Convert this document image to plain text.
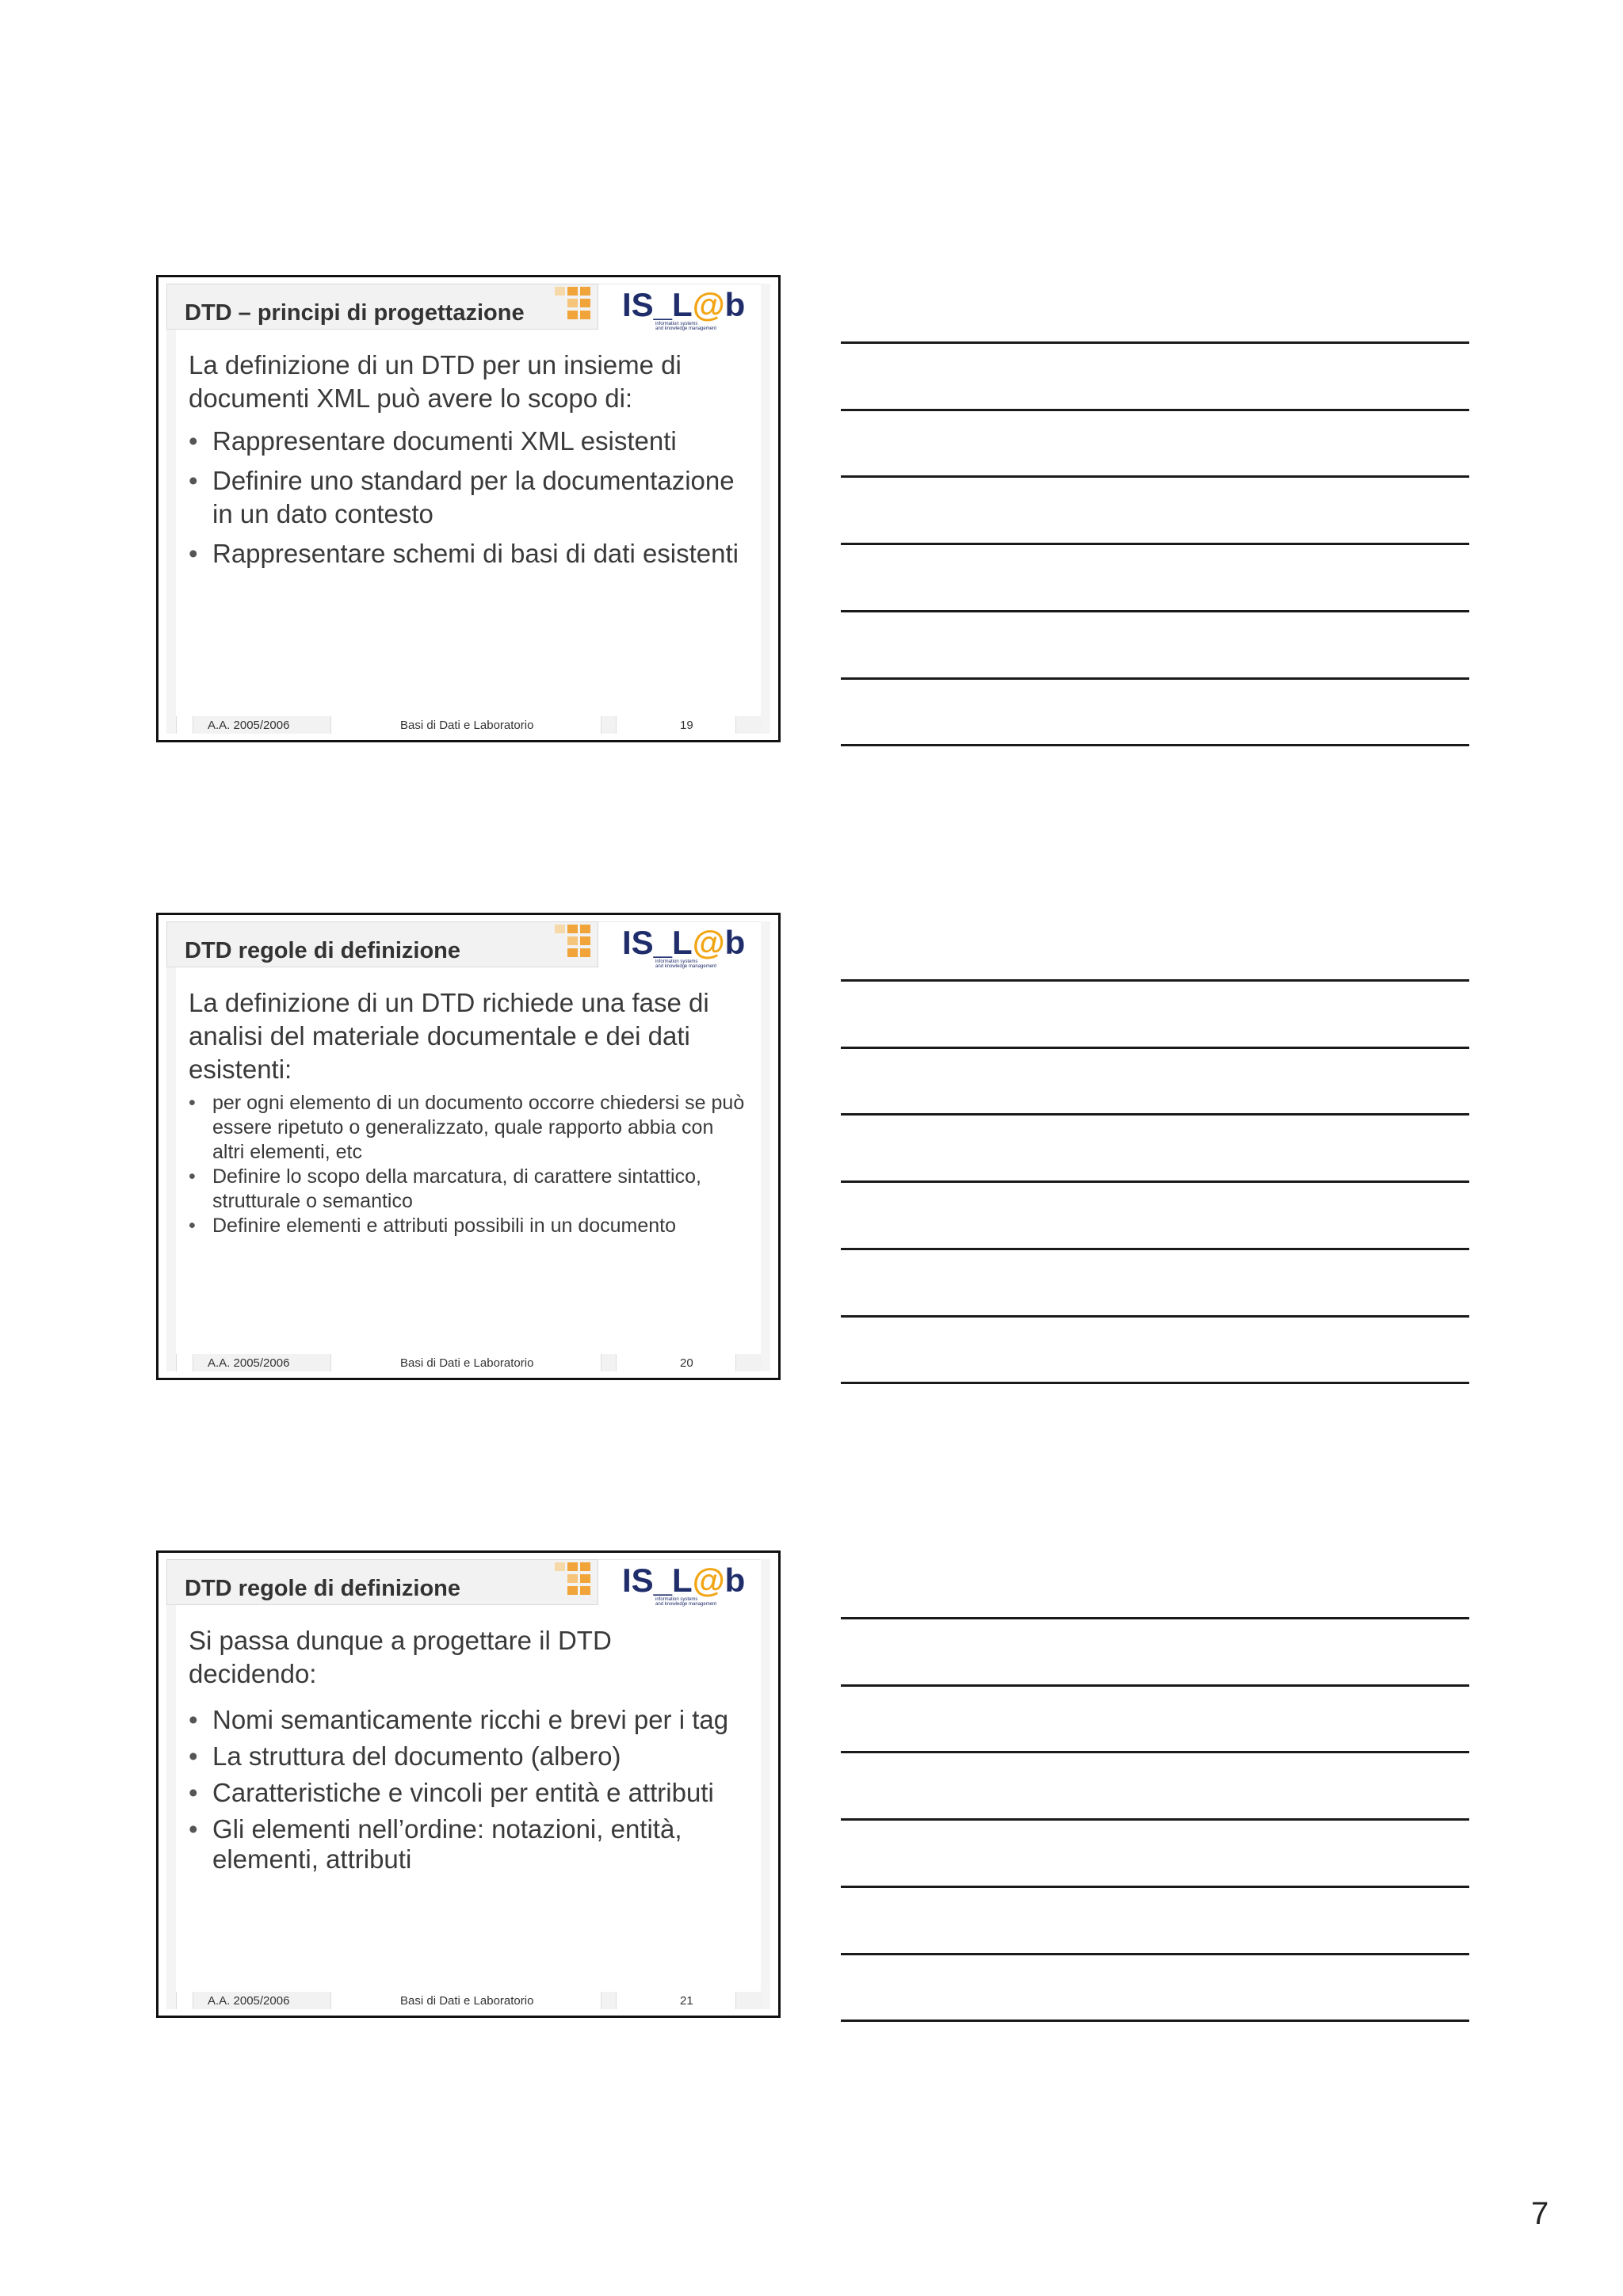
DTD – principi di progettazione	IS_L@b
information systems
and knowledge management

La definizione di un DTD per un insieme di documenti XML può avere lo scopo di:

• Rappresentare documenti XML esistenti
• Definire uno standard per la documentazione in un dato contesto
• Rappresentare schemi di basi di dati esistenti
A.A. 2005/2006	Basi di Dati e Laboratorio	19
DTD regole di definizione	IS_L@b
information systems
and knowledge management

La definizione di un DTD richiede una fase di analisi del materiale documentale e dei dati esistenti:

• per ogni elemento di un documento occorre chiedersi se può essere ripetuto o generalizzato, quale rapporto abbia con altri elementi, etc
• Definire lo scopo della marcatura, di carattere sintattico, strutturale o semantico
• Definire elementi e attributi possibili in un documento
A.A. 2005/2006	Basi di Dati e Laboratorio	20
DTD regole di definizione	IS_L@b
information systems
and knowledge management

Si passa dunque a progettare il DTD decidendo:

• Nomi semanticamente ricchi e brevi per i tag
• La struttura del documento (albero)
• Caratteristiche e vincoli per entità e attributi
• Gli elementi nell’ordine: notazioni, entità, elementi, attributi
A.A. 2005/2006	Basi di Dati e Laboratorio	21
7
